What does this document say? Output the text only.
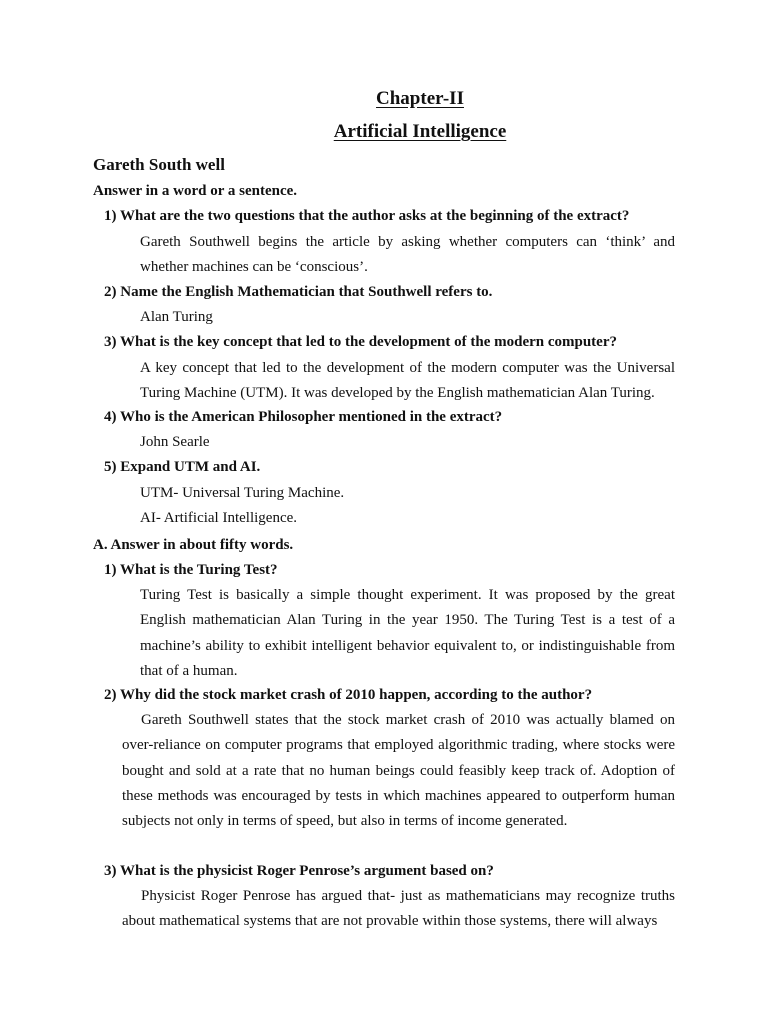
Chapter-II
Artificial Intelligence

Gareth South well

Answer in a word or a sentence.

1) What are the two questions that the author asks at the beginning of the extract?

Gareth Southwell begins the article by asking whether computers can ‘think’ and whether machines can be ‘conscious’.

2) Name the English Mathematician that Southwell refers to.

Alan Turing

3) What is the key concept that led to the development of the modern computer?

A key concept that led to the development of the modern computer was the Universal Turing Machine (UTM). It was developed by the English mathematician Alan Turing.

4) Who is the American Philosopher mentioned in the extract?

John Searle

5) Expand UTM and AI.

UTM- Universal Turing Machine.

AI- Artificial Intelligence.

A. Answer in about fifty words.

1) What is the Turing Test?

Turing Test is basically a simple thought experiment. It was proposed by the great English mathematician Alan Turing in the year 1950. The Turing Test is a test of a machine’s ability to exhibit intelligent behavior equivalent to, or indistinguishable from that of a human.

2) Why did the stock market crash of 2010 happen, according to the author?

Gareth Southwell states that the stock market crash of 2010 was actually blamed on over-reliance on computer programs that employed algorithmic trading, where stocks were bought and sold at a rate that no human beings could feasibly keep track of. Adoption of these methods was encouraged by tests in which machines appeared to outperform human subjects not only in terms of speed, but also in terms of income generated.

3) What is the physicist Roger Penrose’s argument based on?

Physicist Roger Penrose has argued that- just as mathematicians may recognize truths about mathematical systems that are not provable within those systems, there will always
